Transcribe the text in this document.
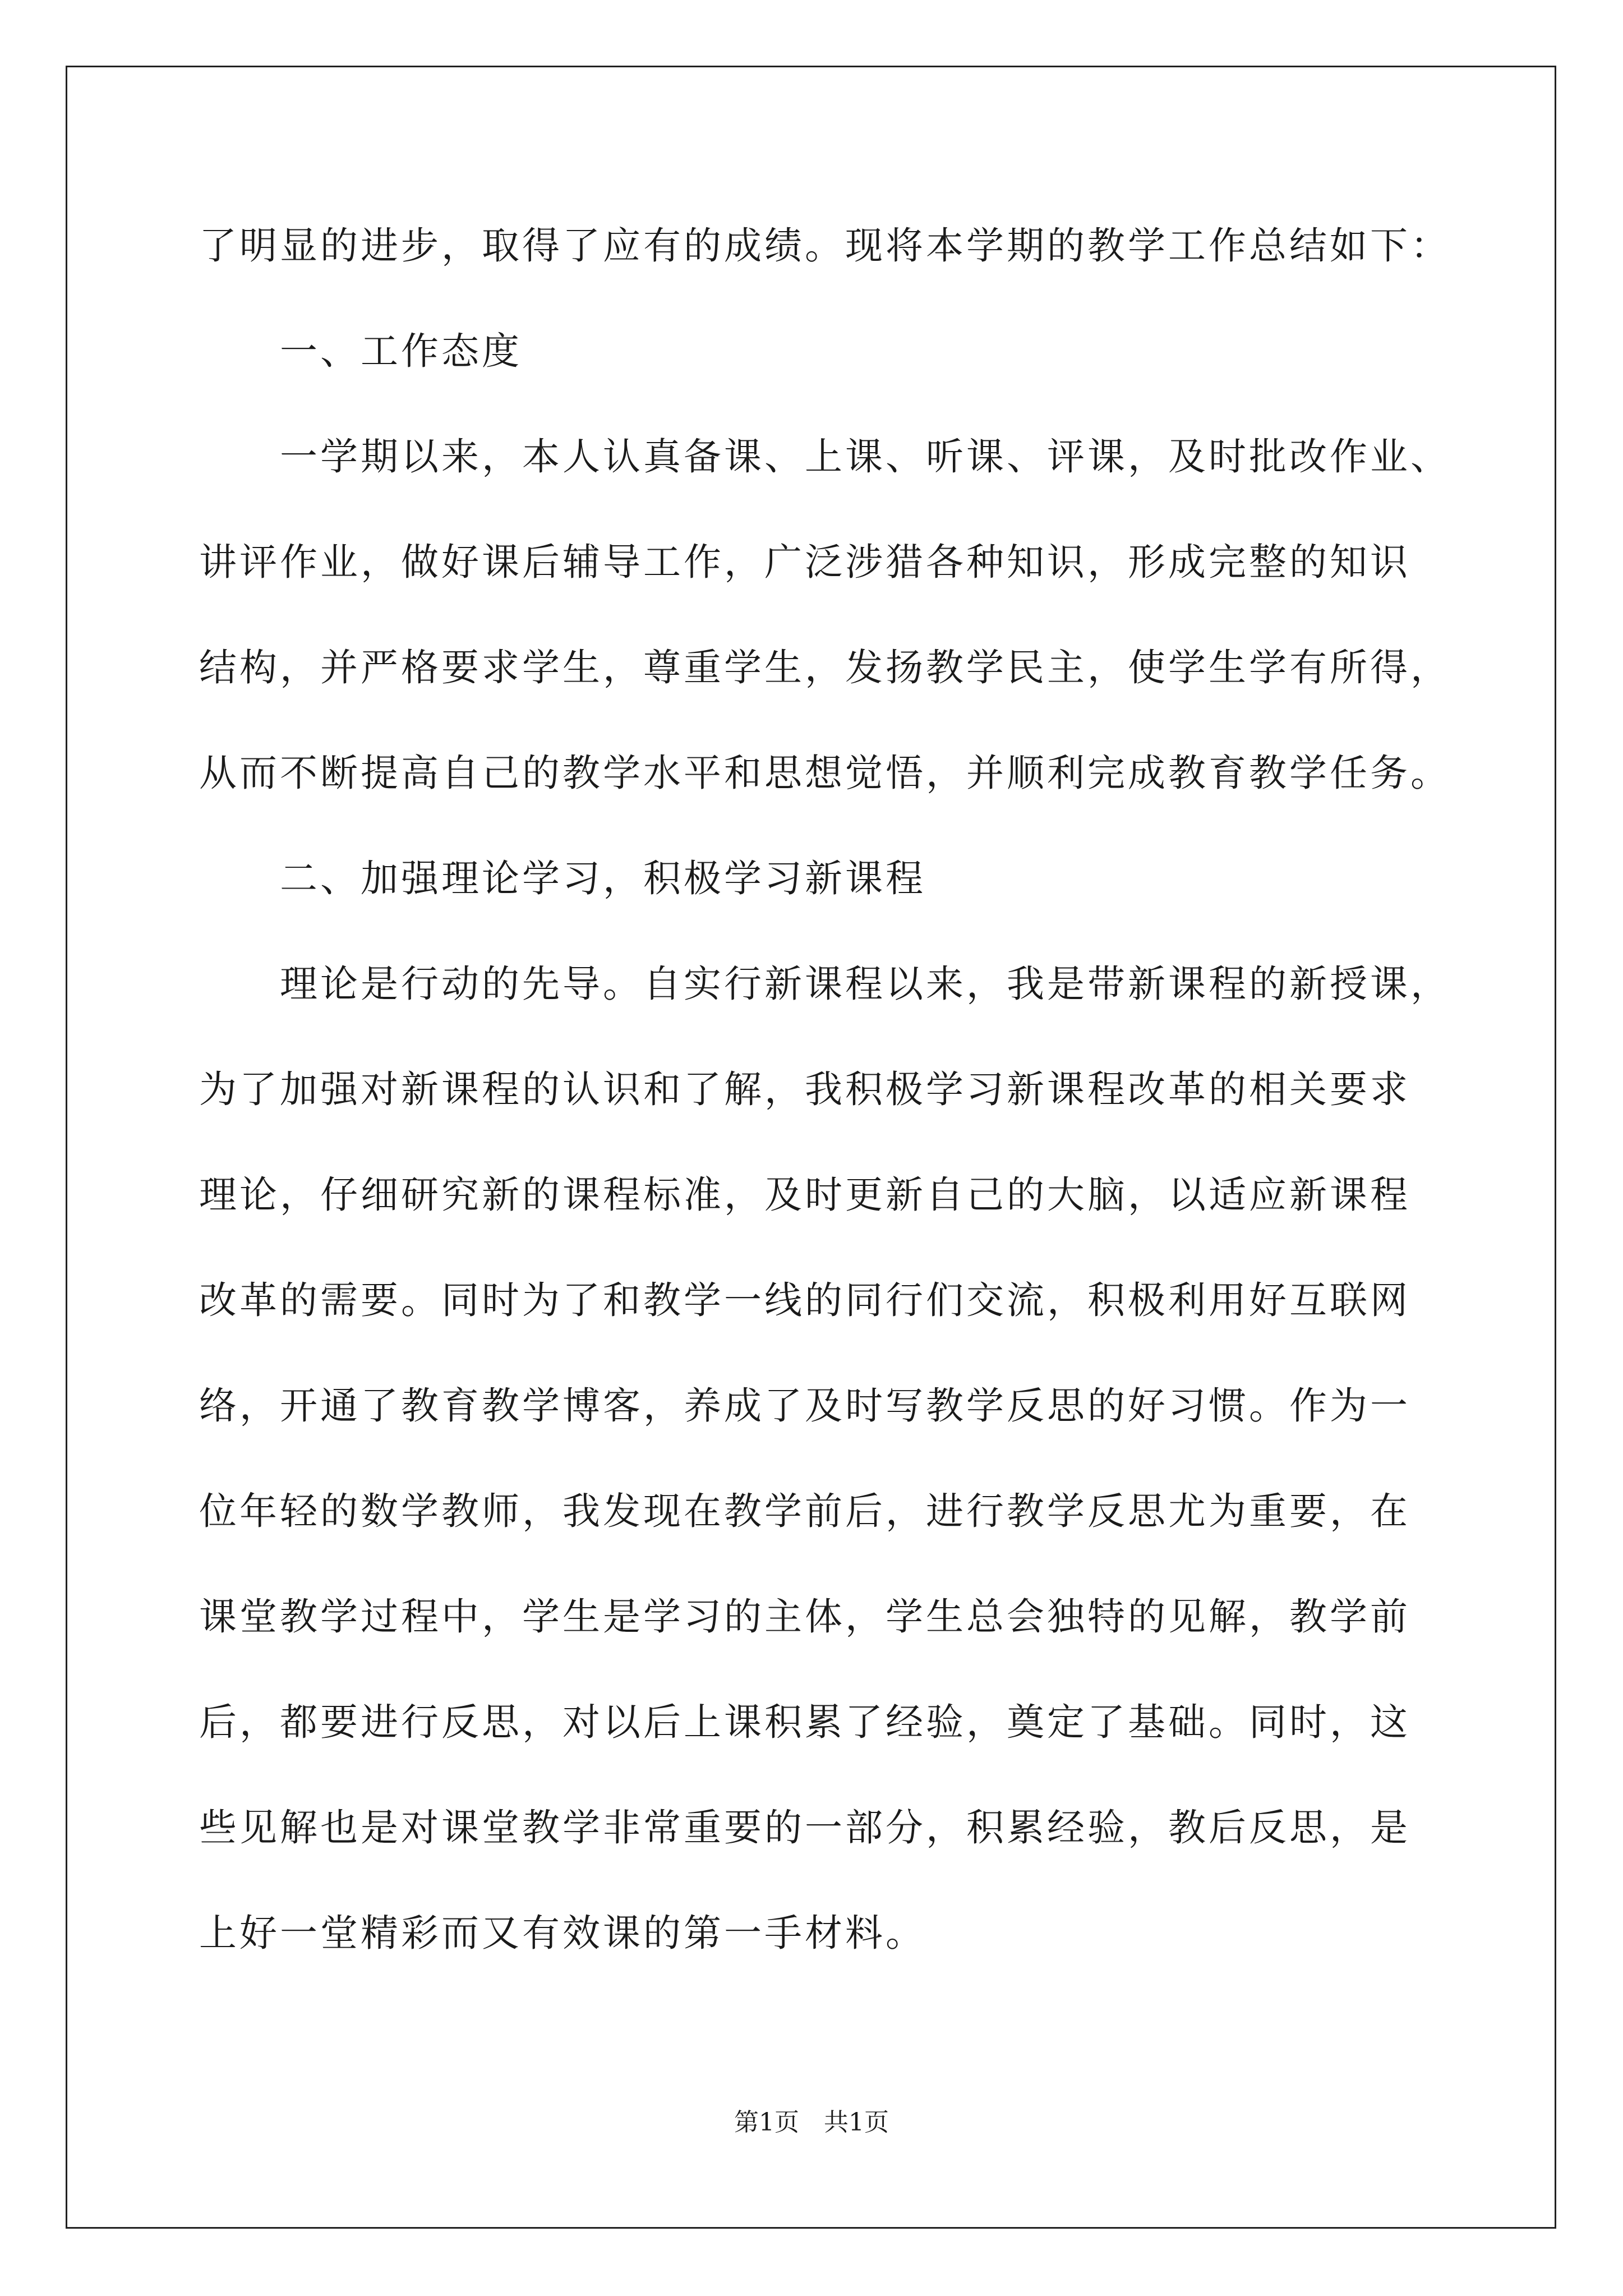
了明显的进步，取得了应有的成绩。现将本学期的教学工作总结如下：
一、工作态度
一学期以来，本人认真备课、上课、听课、评课，及时批改作业、
讲评作业，做好课后辅导工作，广泛涉猎各种知识，形成完整的知识
结构，并严格要求学生，尊重学生，发扬教学民主，使学生学有所得，
从而不断提高自己的教学水平和思想觉悟，并顺利完成教育教学任务。
二、加强理论学习，积极学习新课程
理论是行动的先导。自实行新课程以来，我是带新课程的新授课，
为了加强对新课程的认识和了解，我积极学习新课程改革的相关要求
理论，仔细研究新的课程标准，及时更新自己的大脑，以适应新课程
改革的需要。同时为了和教学一线的同行们交流，积极利用好互联网
络，开通了教育教学博客，养成了及时写教学反思的好习惯。作为一
位年轻的数学教师，我发现在教学前后，进行教学反思尤为重要，在
课堂教学过程中，学生是学习的主体，学生总会独特的见解，教学前
后，都要进行反思，对以后上课积累了经验，奠定了基础。同时，这
些见解也是对课堂教学非常重要的一部分，积累经验，教后反思，是
上好一堂精彩而又有效课的第一手材料。
第1页　共1页
